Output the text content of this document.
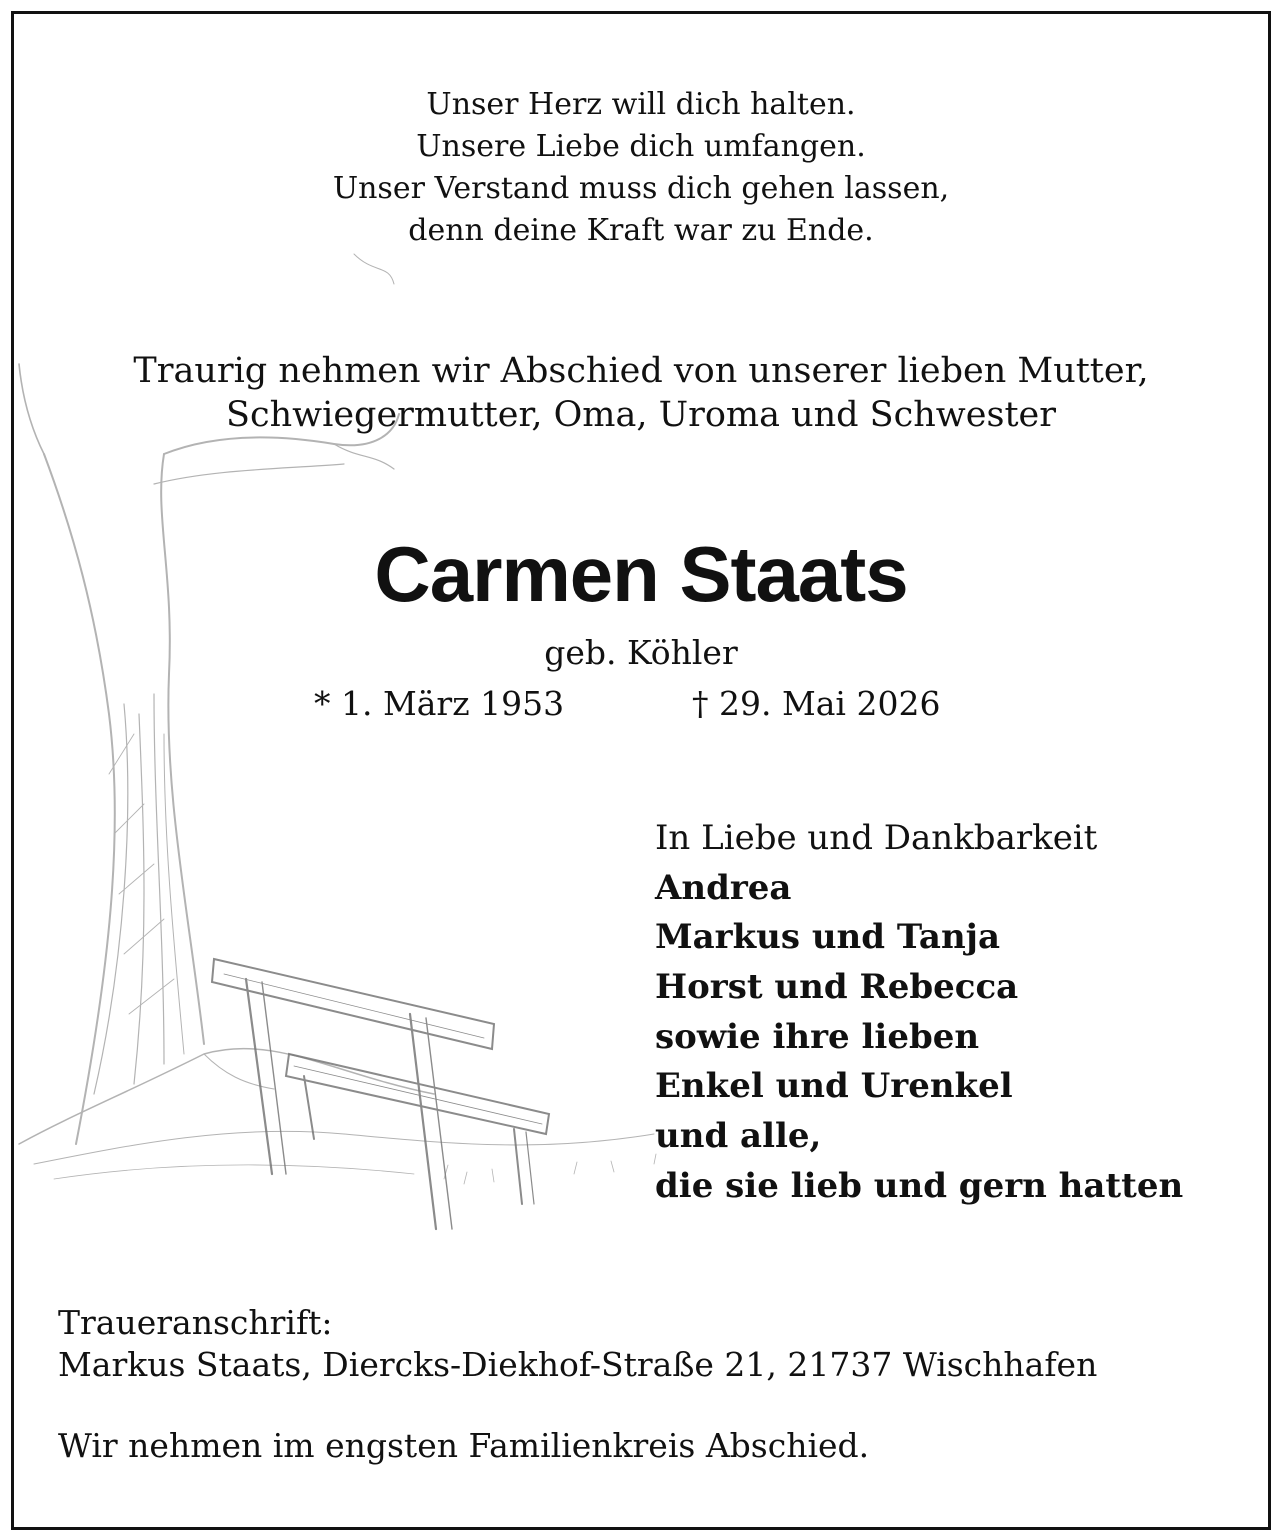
Unser Herz will dich halten.
Unsere Liebe dich umfangen.
Unser Verstand muss dich gehen lassen,
denn deine Kraft war zu Ende.
Traurig nehmen wir Abschied von unserer lieben Mutter,
Schwiegermutter, Oma, Uroma und Schwester
Carmen Staats
geb. Köhler
* 1. März 1953	† 29. Mai 2026
In Liebe und Dankbarkeit
Andrea
Markus und Tanja
Horst und Rebecca
sowie ihre lieben
Enkel und Urenkel
und alle,
die sie lieb und gern hatten
Traueranschrift:
Markus Staats, Diercks-Diekhof-Straße 21, 21737 Wischhafen
Wir nehmen im engsten Familienkreis Abschied.
